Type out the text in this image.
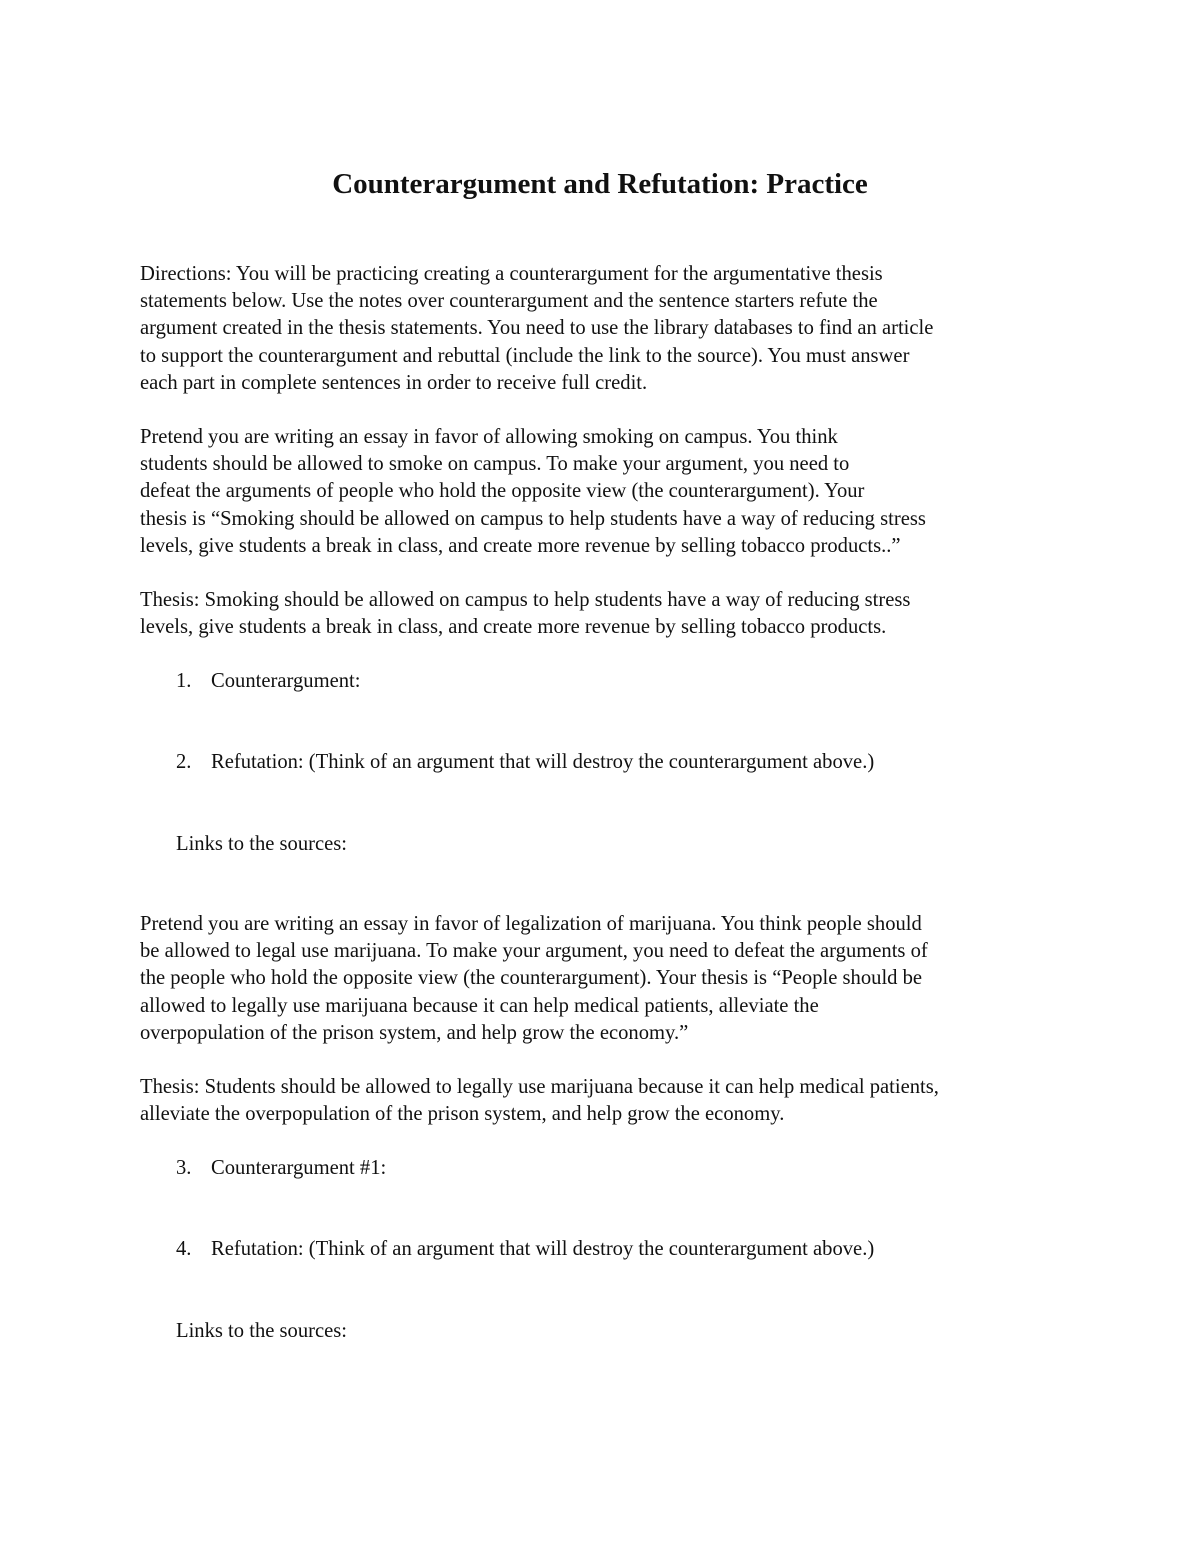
Counterargument and Refutation: Practice

Directions: You will be practicing creating a counterargument for the argumentative thesis
statements below. Use the notes over counterargument and the sentence starters refute the
argument created in the thesis statements. You need to use the library databases to find an article
to support the counterargument and rebuttal (include the link to the source). You must answer
each part in complete sentences in order to receive full credit.

Pretend you are writing an essay in favor of allowing smoking on campus. You think
students should be allowed to smoke on campus. To make your argument, you need to
defeat the arguments of people who hold the opposite view (the counterargument). Your
thesis is “Smoking should be allowed on campus to help students have a way of reducing stress
levels, give students a break in class, and create more revenue by selling tobacco products..”

Thesis: Smoking should be allowed on campus to help students have a way of reducing stress
levels, give students a break in class, and create more revenue by selling tobacco products.

1. Counterargument:

2. Refutation: (Think of an argument that will destroy the counterargument above.)

Links to the sources:

Pretend you are writing an essay in favor of legalization of marijuana. You think people should
be allowed to legal use marijuana. To make your argument, you need to defeat the arguments of
the people who hold the opposite view (the counterargument). Your thesis is “People should be
allowed to legally use marijuana because it can help medical patients, alleviate the
overpopulation of the prison system, and help grow the economy.”

Thesis: Students should be allowed to legally use marijuana because it can help medical patients,
alleviate the overpopulation of the prison system, and help grow the economy.

3. Counterargument #1:

4. Refutation: (Think of an argument that will destroy the counterargument above.)

Links to the sources:
